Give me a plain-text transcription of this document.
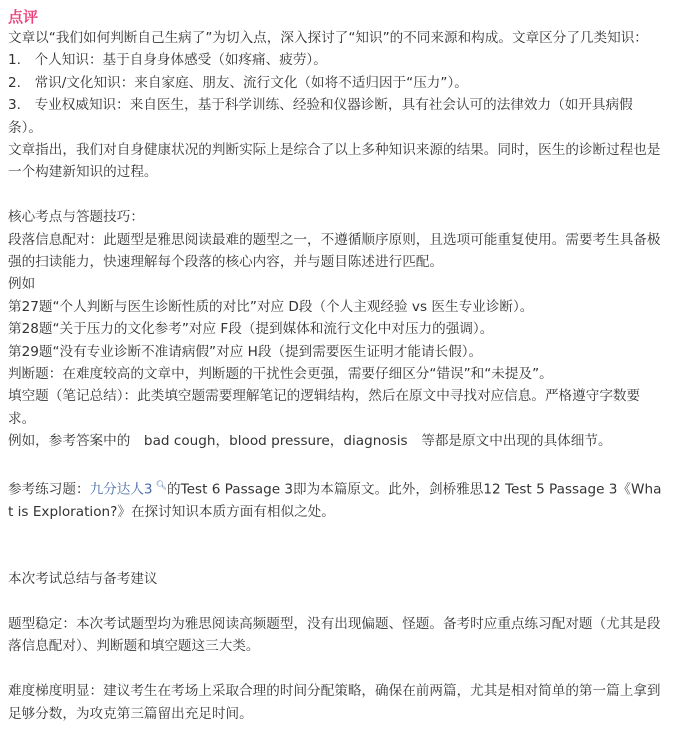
点评

文章以“我们如何判断自己生病了”为切入点，深入探讨了“知识”的不同来源和构成。文章区分了几类知识：

1.　个人知识：基于自身身体感受（如疼痛、疲劳）。

2.　常识/文化知识：来自家庭、朋友、流行文化（如将不适归因于“压力”）。

3.　专业权威知识：来自医生，基于科学训练、经验和仪器诊断，具有社会认可的法律效力（如开具病假条）。

文章指出，我们对自身健康状况的判断实际上是综合了以上多种知识来源的结果。同时，医生的诊断过程也是一个构建新知识的过程。

核心考点与答题技巧：

段落信息配对：此题型是雅思阅读最难的题型之一，不遵循顺序原则，且选项可能重复使用。需要考生具备极强的扫读能力，快速理解每个段落的核心内容，并与题目陈述进行匹配。

例如

第27题“个人判断与医生诊断性质的对比”对应 D段（个人主观经验 vs 医生专业诊断）。

第28题“关于压力的文化参考”对应 F段（提到媒体和流行文化中对压力的强调）。

第29题“没有专业诊断不准请病假”对应 H段（提到需要医生证明才能请长假）。

判断题：在难度较高的文章中，判断题的干扰性会更强，需要仔细区分“错误”和“未提及”。

填空题（笔记总结）：此类填空题需要理解笔记的逻辑结构，然后在原文中寻找对应信息。严格遵守字数要求。

例如，参考答案中的　bad cough，blood pressure，diagnosis　等都是原文中出现的具体细节。

参考练习题：九分达人3 🔍︎的Test 6 Passage 3即为本篇原文。此外，剑桥雅思12 Test 5 Passage 3《What is Exploration?》在探讨知识本质方面有相似之处。

本次考试总结与备考建议

题型稳定：本次考试题型均为雅思阅读高频题型，没有出现偏题、怪题。备考时应重点练习配对题（尤其是段落信息配对）、判断题和填空题这三大类。

难度梯度明显：建议考生在考场上采取合理的时间分配策略，确保在前两篇，尤其是相对简单的第一篇上拿到足够分数，为攻克第三篇留出充足时间。
